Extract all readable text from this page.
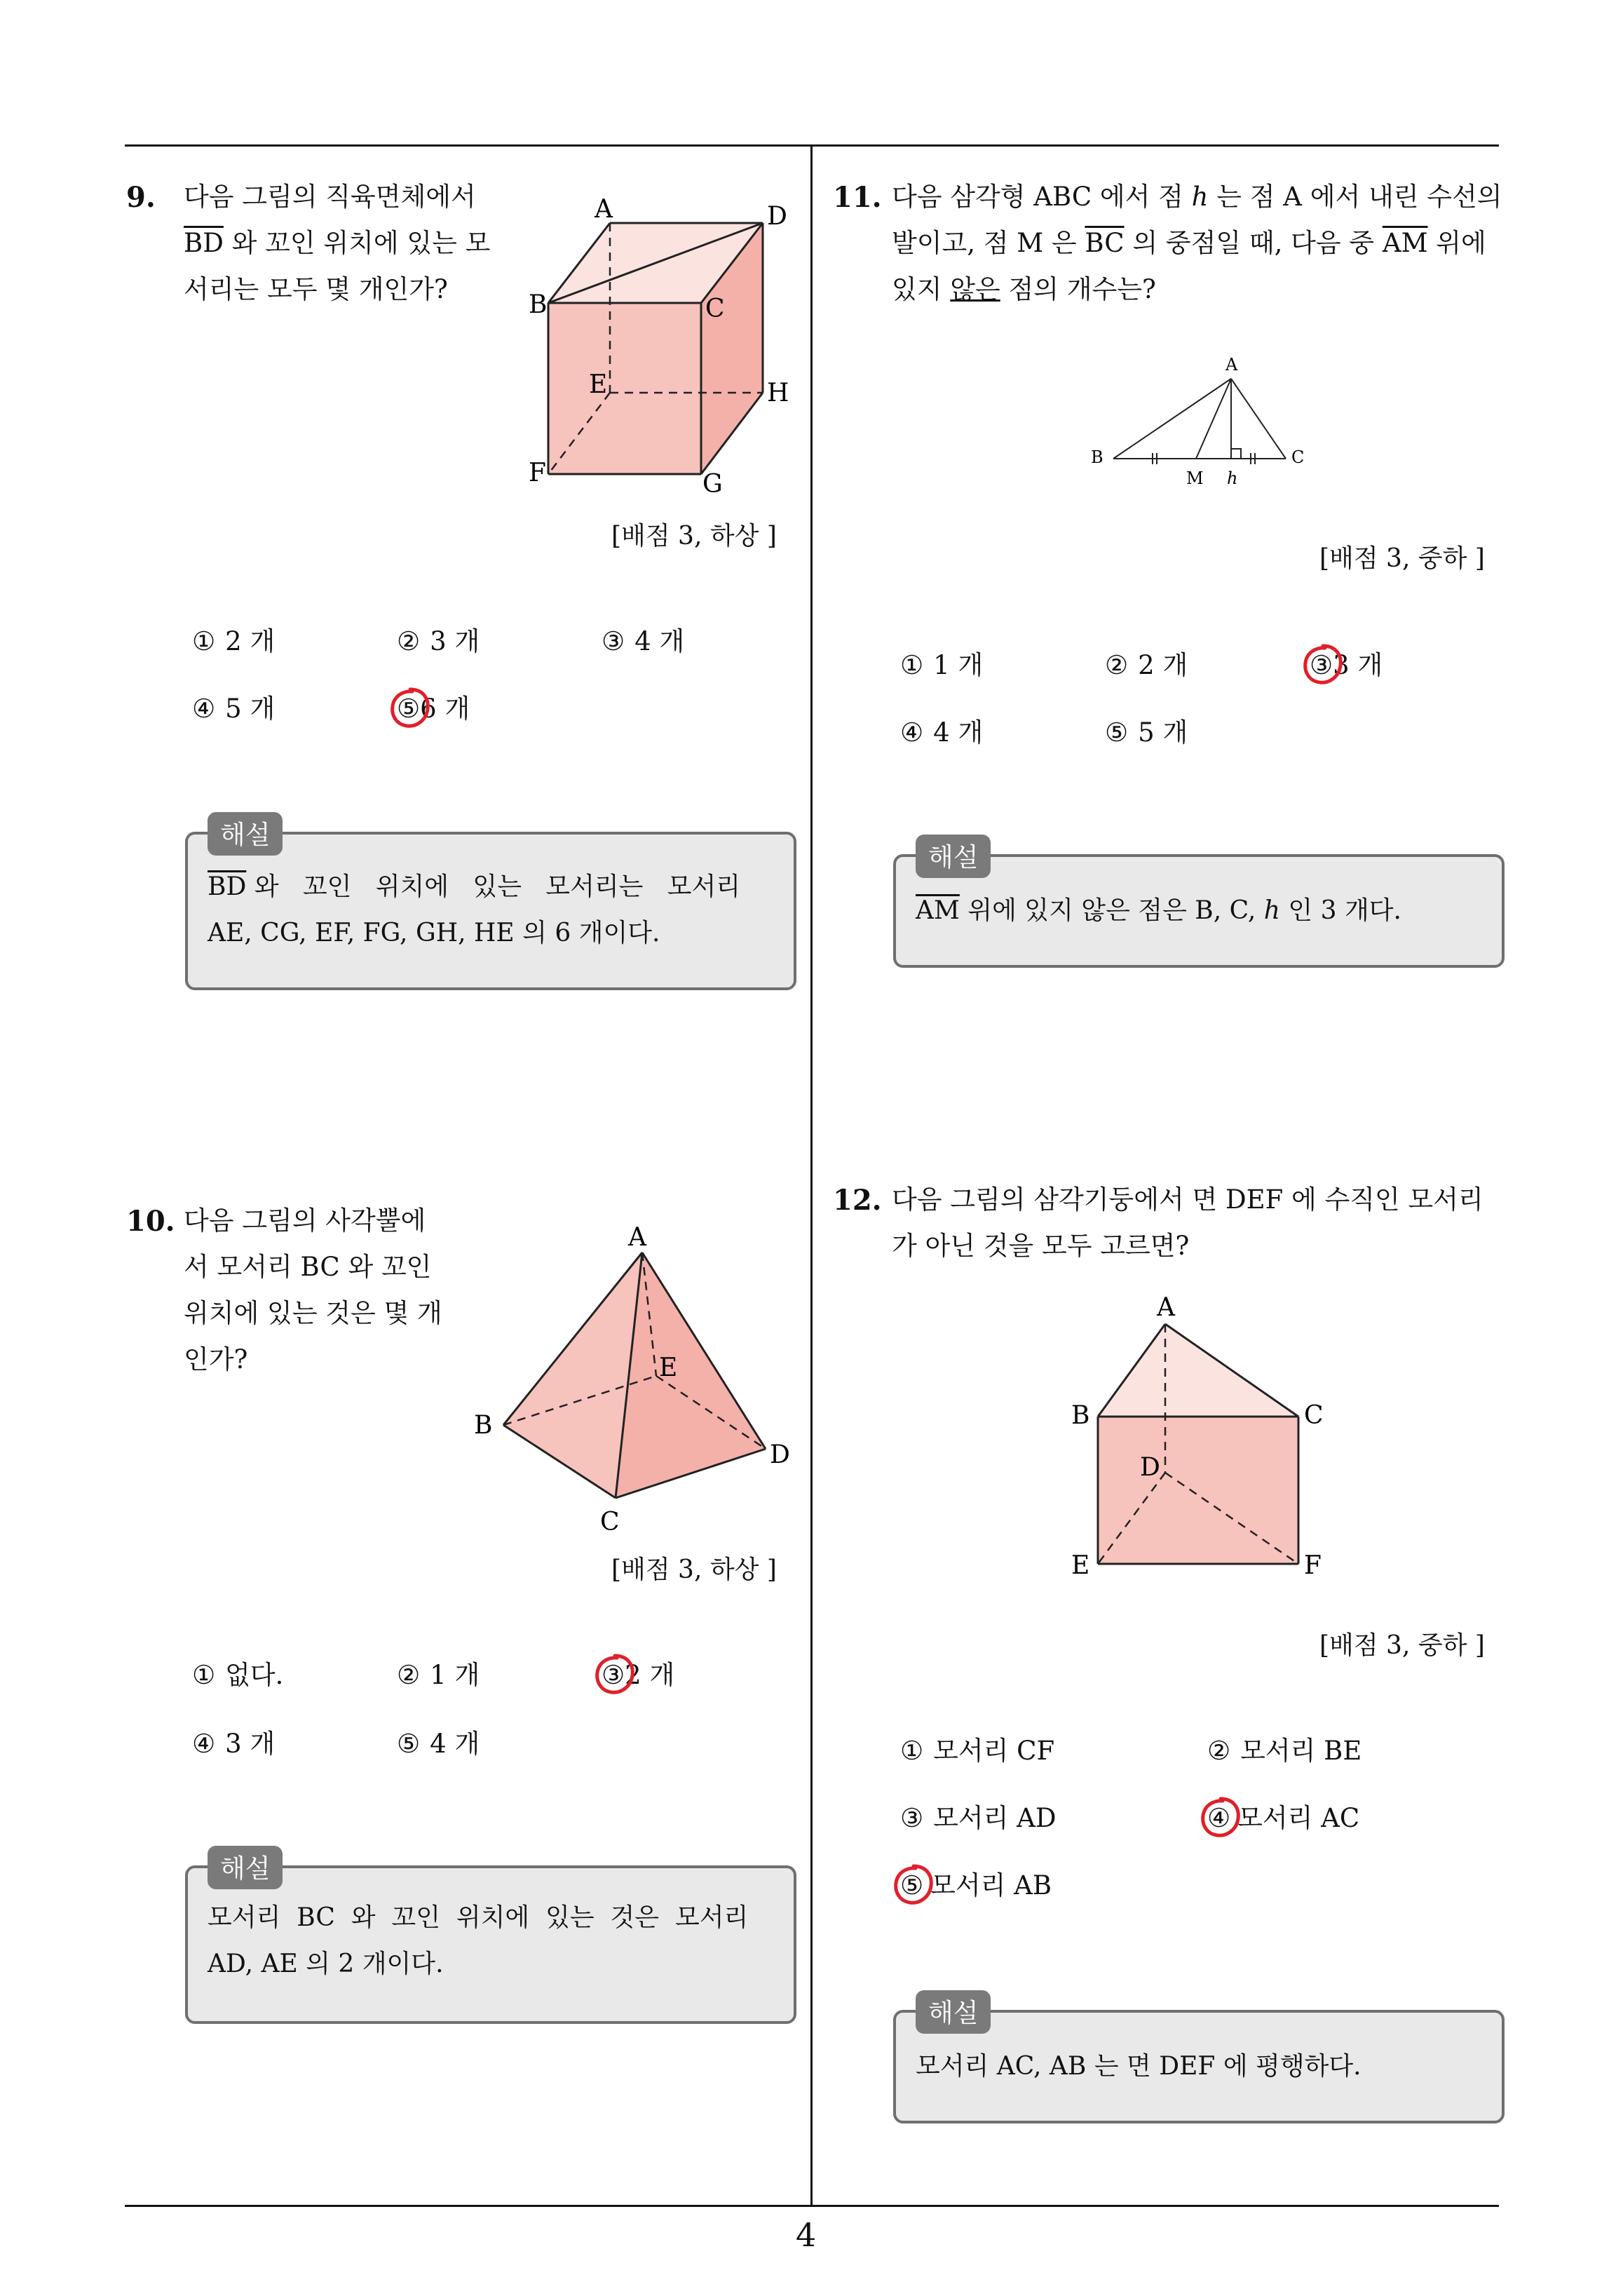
4
9. 다음 그림의 직육면체에서
$\overline{BD}$ 와 꼬인 위치에 있는 모
서리는 모두 몇 개인가?
A	D
B	C
E	H
F	G
[배점 3, 하상 ]
① 2 개	② 3 개	③ 4 개
④ 5 개	⑤6 개
해설
$\overline{BD}$ 와   꼬인   위치에   있는   모서리는   모서리
AE, CG, EF, FG, GH, HE 의 6 개이다.
10. 다음 그림의 사각뿔에
서 모서리 BC 와 꼬인
위치에 있는 것은 몇 개
인가?
A
E
B
D
C
[배점 3, 하상 ]
① 없다.	② 1 개	③2 개
④ 3 개	⑤ 4 개
해설
모서리  BC  와  꼬인  위치에  있는  것은  모서리
AD, AE 의 2 개이다.
11. 다음 삼각형 ABC 에서 점 h 는 점 A 에서 내린 수선의
발이고, 점 M 은 $\overline{BC}$ 의 중점일 때, 다음 중 $\overline{AM}$ 위에
있지 않은 점의 개수는?
A
B	C
M h
[배점 3, 중하 ]
① 1 개	② 2 개	③3 개
④ 4 개	⑤ 5 개
해설
$\overline{AM}$ 위에 있지 않은 점은 B, C, h 인 3 개다.
12. 다음 그림의 삼각기둥에서 면 DEF 에 수직인 모서리
가 아닌 것을 모두 고르면?
A
B	C
D
E	F
[배점 3, 중하 ]
① 모서리 CF	② 모서리 BE
③ 모서리 AD	④ 모서리 AC
⑤ 모서리 AB
해설
모서리 AC, AB 는 면 DEF 에 평행하다.
